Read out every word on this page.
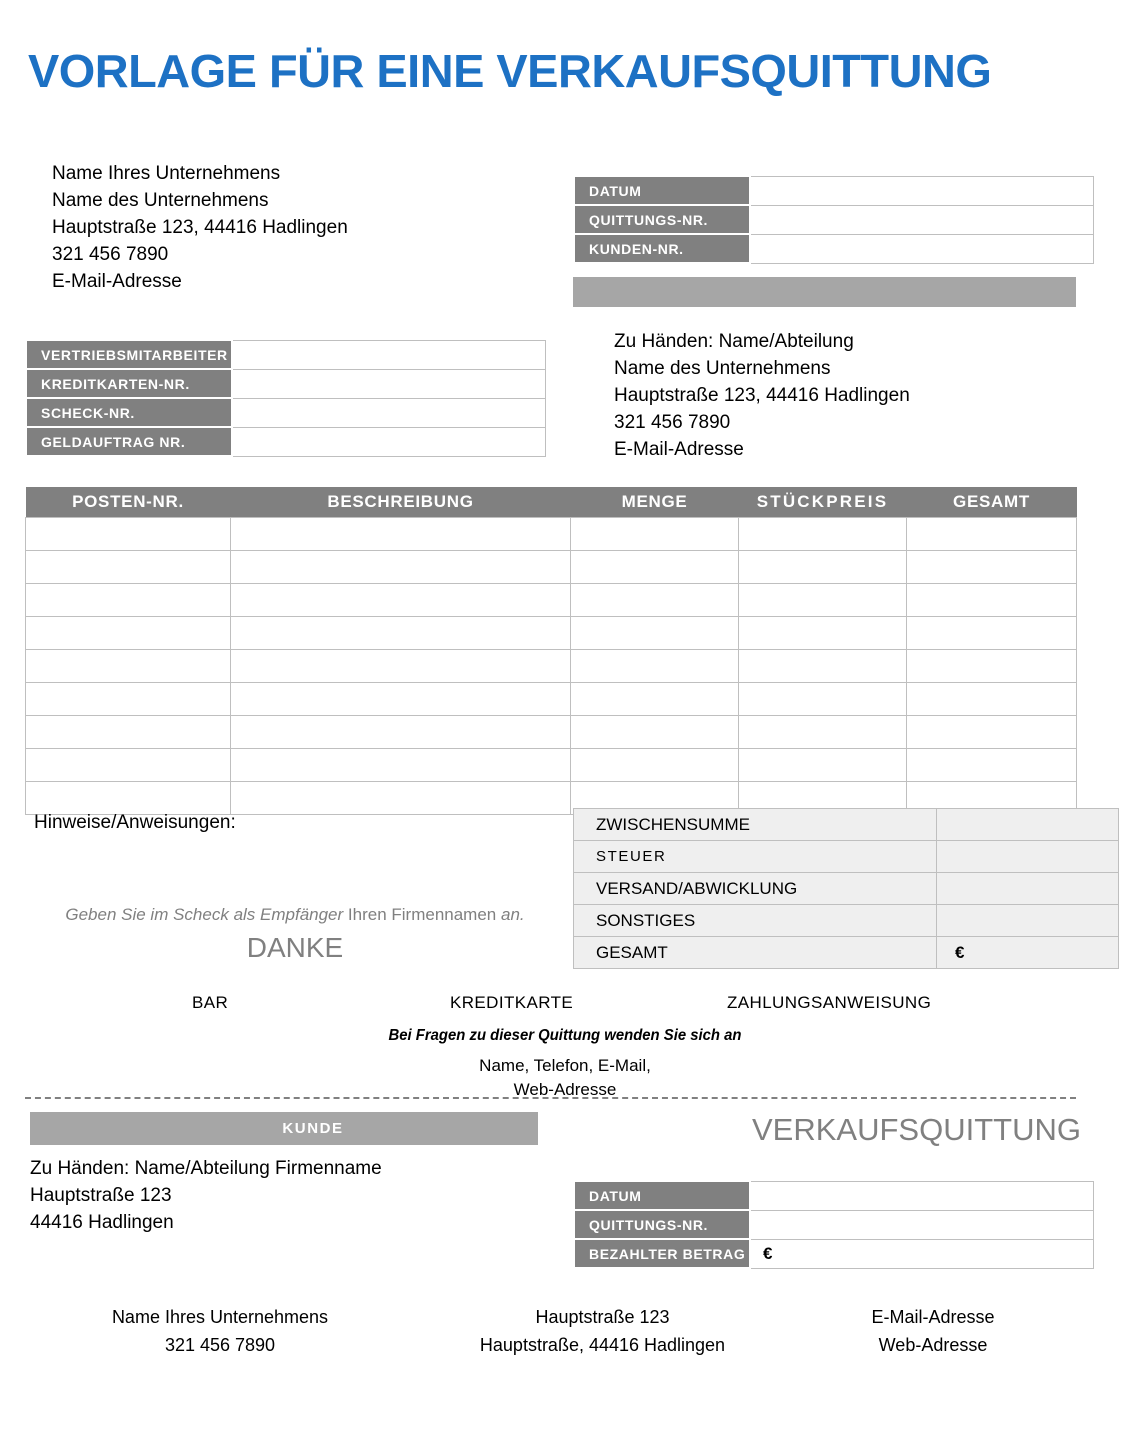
VORLAGE FÜR EINE VERKAUFSQUITTUNG
Name Ihres Unternehmens
Name des Unternehmens
Hauptstraße 123, 44416 Hadlingen
321 456 7890
E-Mail-Adresse
DATUM	
QUITTUNGS-NR.	
KUNDEN-NR.	
VERTRIEBSMITARBEITER	
KREDITKARTEN-NR.	
SCHECK-NR.	
GELDAUFTRAG NR.	
Zu Händen: Name/Abteilung
Name des Unternehmens
Hauptstraße 123, 44416 Hadlingen
321 456 7890
E-Mail-Adresse
POSTEN-NR.	BESCHREIBUNG	MENGE	STÜCKPREIS	GESAMT

Hinweise/Anweisungen:
Geben Sie im Scheck als Empfänger Ihren Firmennamen an.
DANKE
ZWISCHENSUMME	
STEUER	
VERSAND/ABWICKLUNG	
SONSTIGES	
GESAMT	€
BAR	KREDITKARTE	ZAHLUNGSANWEISUNG
Bei Fragen zu dieser Quittung wenden Sie sich an
Name, Telefon, E-Mail,
Web-Adresse
KUNDE	VERKAUFSQUITTUNG
Zu Händen: Name/Abteilung Firmenname
Hauptstraße 123
44416 Hadlingen
DATUM	
QUITTUNGS-NR.	
BEZAHLTER BETRAG	€
Name Ihres Unternehmens
321 456 7890
Hauptstraße 123
Hauptstraße, 44416 Hadlingen
E-Mail-Adresse
Web-Adresse
